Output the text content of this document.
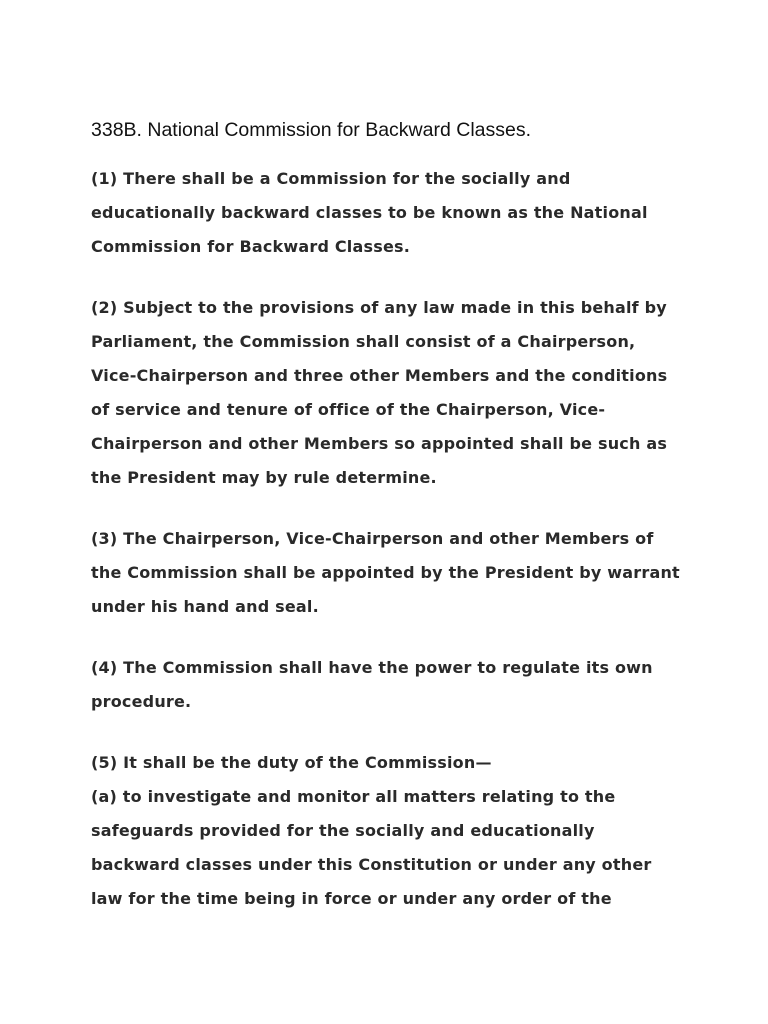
338B. National Commission for Backward Classes.

(1) There shall be a Commission for the socially and
educationally backward classes to be known as the National
Commission for Backward Classes.

(2) Subject to the provisions of any law made in this behalf by
Parliament, the Commission shall consist of a Chairperson,
Vice-Chairperson and three other Members and the conditions
of service and tenure of office of the Chairperson, Vice-
Chairperson and other Members so appointed shall be such as
the President may by rule determine.

(3) The Chairperson, Vice-Chairperson and other Members of
the Commission shall be appointed by the President by warrant
under his hand and seal.

(4) The Commission shall have the power to regulate its own
procedure.

(5) It shall be the duty of the Commission—
(a) to investigate and monitor all matters relating to the
safeguards provided for the socially and educationally
backward classes under this Constitution or under any other
law for the time being in force or under any order of the
